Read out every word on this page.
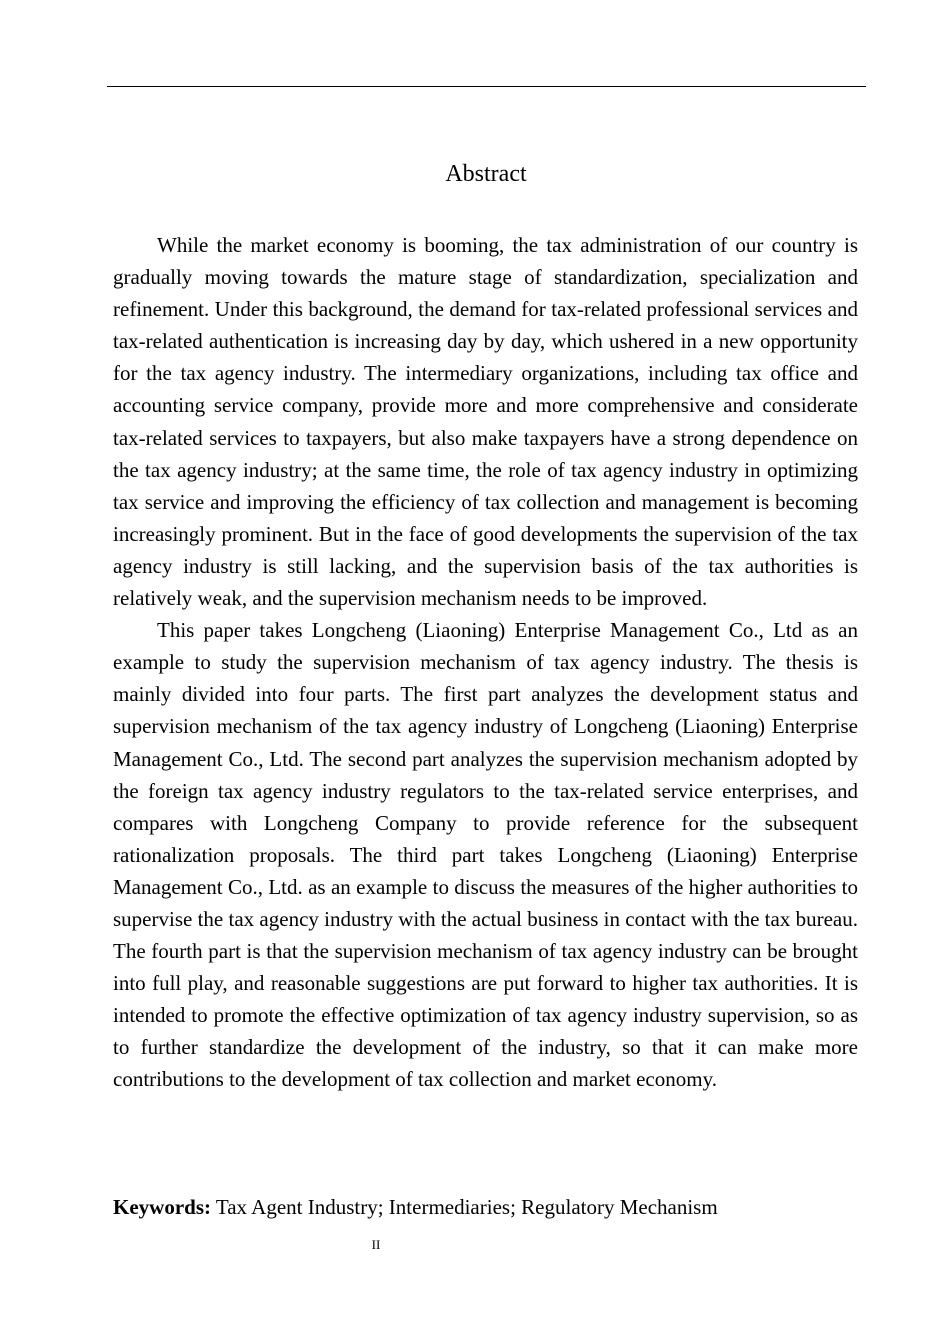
Abstract

While the market economy is booming, the tax administration of our country is gradually moving towards the mature stage of standardization, specialization and refinement. Under this background, the demand for tax-related professional services and tax-related authentication is increasing day by day, which ushered in a new opportunity for the tax agency industry. The intermediary organizations, including tax office and accounting service company, provide more and more comprehensive and considerate tax-related services to taxpayers, but also make taxpayers have a strong dependence on the tax agency industry; at the same time, the role of tax agency industry in optimizing tax service and improving the efficiency of tax collection and management is becoming increasingly prominent. But in the face of good developments the supervision of the tax agency industry is still lacking, and the supervision basis of the tax authorities is relatively weak, and the supervision mechanism needs to be improved.

This paper takes Longcheng (Liaoning) Enterprise Management Co., Ltd as an example to study the supervision mechanism of tax agency industry. The thesis is mainly divided into four parts. The first part analyzes the development status and supervision mechanism of the tax agency industry of Longcheng (Liaoning) Enterprise Management Co., Ltd. The second part analyzes the supervision mechanism adopted by the foreign tax agency industry regulators to the tax-related service enterprises, and compares with Longcheng Company to provide reference for the subsequent rationalization proposals. The third part takes Longcheng (Liaoning) Enterprise Management Co., Ltd. as an example to discuss the measures of the higher authorities to supervise the tax agency industry with the actual business in contact with the tax bureau. The fourth part is that the supervision mechanism of tax agency industry can be brought into full play, and reasonable suggestions are put forward to higher tax authorities. It is intended to promote the effective optimization of tax agency industry supervision, so as to further standardize the development of the industry, so that it can make more contributions to the development of tax collection and market economy.

Keywords: Tax Agent Industry; Intermediaries; Regulatory Mechanism
II
